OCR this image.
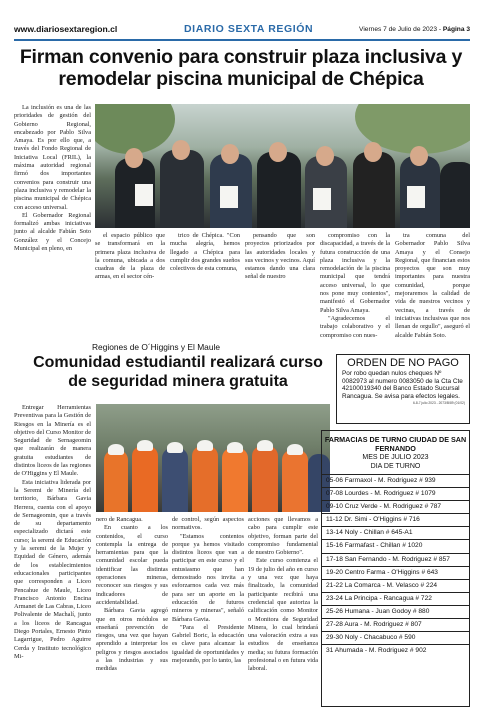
www.diariosextaregion.cl	DIARIO SEXTA REGIÓN	Viernes 7 de Julio de 2023 - Página 3
Firman convenio para construir plaza inclusiva y remodelar piscina municipal de Chépica

La inclusión es una de las prioridades de gestión del Gobierno Regional, encabezado por Pablo Silva Amaya. Es por ello que, a través del Fondo Regional de Iniciativa Local (FRIL), la máxima autoridad regional firmó dos importantes convenios para construir una plaza inclusiva y remodelar la piscina municipal de Chépica con acceso universal.

El Gobernador Regional formalizó ambas iniciativas junto al alcalde Fabián Soto González y el Concejo Municipal en pleno, en

el espacio público que se transformará en la primera plaza inclusiva de la comuna, ubicada a dos cuadras de la plaza de armas, en el sector cén-

trico de Chépica. "Con mucha alegría, hemos llegado a Chépica para cumplir dos grandes sueños colectivos de esta comuna,

pensando que son proyectos priorizados por las autoridades locales y sus vecinos y vecinos. Aquí estamos dando una clara señal de nuestro

compromiso con la discapacidad, a través de la futura construcción de una plaza inclusiva y la remodelación de la piscina municipal que tendrá acceso universal, lo que nos pone muy contentos", manifestó el Gobernador Pablo Silva Amaya.

"Agradecemos el trabajo colaborativo y el compromiso con nues-

tra comuna del Gobernador Pablo Silva Amaya y el Consejo Regional, que financian estos proyectos que son muy importantes para nuestra comunidad, porque mejoraremos la calidad de vida de nuestros vecinos y vecinas, a través de iniciativas inclusivas que nos llenan de orgullo", aseguró el alcalde Fabián Soto.

Regiones de O´Higgins y El Maule
Comunidad estudiantil realizará curso de seguridad minera gratuita

Entregar Herramientas Preventivas para la Gestión de Riesgos en la Minería es el objetivo del Curso Monitor de Seguridad de Sernageomin que realizarán de manera gratuita estudiantes de distintos liceos de las regiones de O'Higgins y El Maule.

Esta iniciativa liderada por la Seremi de Minería del territorio, Bárbara Gavia Herrera, cuenta con el apoyo de Sernageomin, que a través de su departamento especializado dictará este curso; la seremi de Educación y la seremi de la Mujer y Equidad de Género, además de los establecimientos educacionales participantes que corresponden a Liceo Pencahue de Maule, Liceo Francisco Antonio Encina Armanet de Las Cabras, Liceo Polivalente de Machalí, junto a los liceos de Rancagua Diego Portales, Ernesto Pinto Lagarrigue, Pedro Aguirre Cerda y Instituto tecnológico Mi-

nero de Rancagua.

En cuanto a los contenidos, el curso contempla la entrega de herramientas para que la comunidad escolar pueda identificar las distintas operaciones mineras, reconocer sus riesgos y sus indicadores de accidentabilidad.

Bárbara Gavia agregó que en otros módulos se enseñará prevención de riesgos, una vez que hayan aprendido a interpretar los peligros y riesgos asociados a las industrias y sus medidas

de control, según aspectos normativos.

"Estamos contentos porque ya hemos visitado distintos liceos que van a participar en este curso y el entusiasmo que han demostrado nos invita a esforzarnos cada vez más para ser un aporte en la educación de futuros mineros y mineras", señaló Bárbara Gavia.

"Para el Presidente Gabriel Boric, la educación es clave para alcanzar la igualdad de oportunidades y mejorando, por lo tanto, las

acciones que llevamos a cabo para cumplir este objetivo, forman parte del compromiso fundamental de nuestro Gobierno".

Este curso comienza el 19 de julio del año en curso y una vez que haya finalizado, la comunidad participante recibirá una credencial que autoriza la calificación como Monitor o Monitora de Seguridad Minera, lo cual brindará una valoración extra a sus estudios de enseñanza media; su futura formación profesional o en futura vida laboral.

ORDEN DE NO PAGO
Por robo quedan nulos cheques Nº 0082973 al numero 0083050 de la Cta Cte 42100019340 del Banco Estado Sucursal Rancagua. Se avisa para efectos legales.
6-8-7 julio 2023 - 2073/B/89 (01/02)
FARMACIAS DE TURNO CIUDAD DE SAN FERNANDO
MES DE JULIO 2023
DIA DE TURNO
05-06 Farmaxol - M. Rodriguez # 939
07-08 Lourdes - M. Rodriguez # 1079
09-10 Cruz Verde - M. Rodriguez # 787
11-12 Dr. Simi - O'Higgins # 716
13-14 Noly - Chillan # 645-A1
15-16 Farmafast - Chillan # 1020
17-18 San Fernando - M. Rodriguez # 857
19-20 Centro Farma - O'Higgins # 643
21-22 La Comarca - M. Velasco # 224
23-24 La Principa - Rancagua # 722
25-26 Humana - Juan Godoy # 880
27-28 Aura - M. Rodriguez # 807
29-30 Noly - Chacabuco # 590
31 Ahumada - M. Rodriguez # 902
